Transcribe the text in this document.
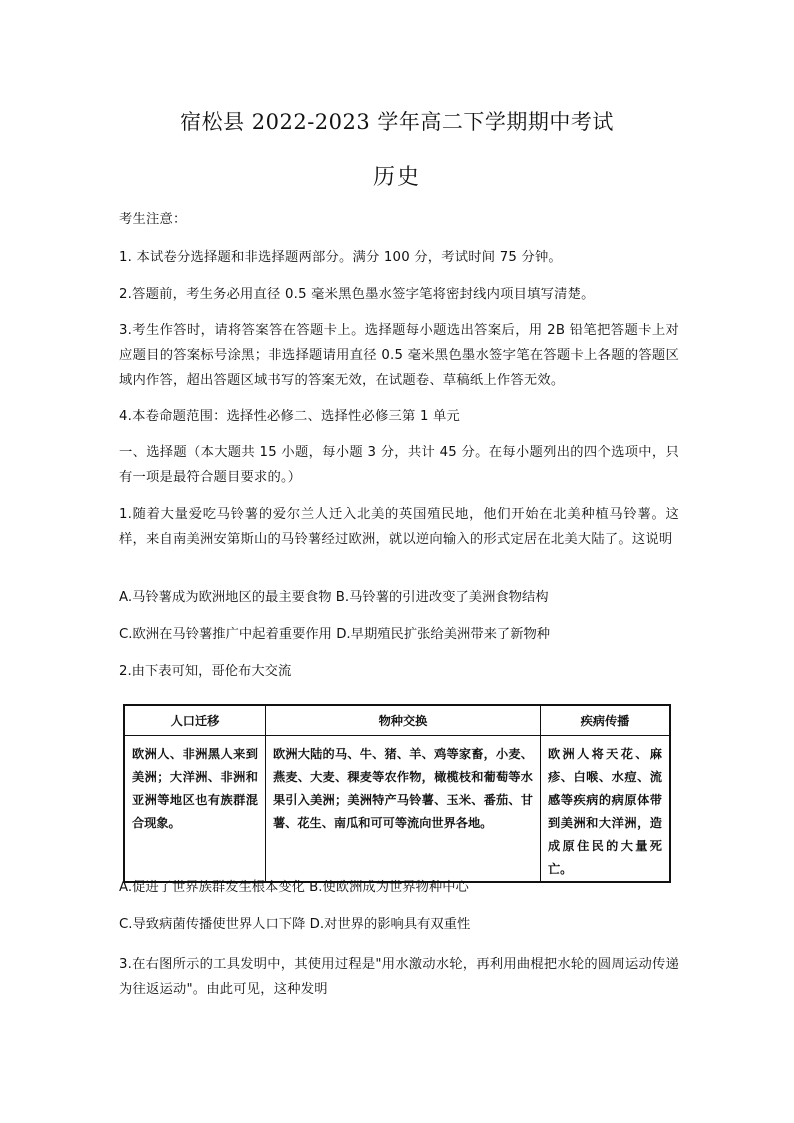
宿松县 2022-2023 学年高二下学期期中考试
历史
考生注意：
1. 本试卷分选择题和非选择题两部分。满分 100 分，考试时间 75 分钟。
2.答题前，考生务必用直径 0.5 毫米黑色墨水签字笔将密封线内项目填写清楚。
3.考生作答时，请将答案答在答题卡上。选择题每小题选出答案后，用 2B 铅笔把答题卡上对应题目的答案标号涂黑；非选择题请用直径 0.5 毫米黑色墨水签字笔在答题卡上各题的答题区域内作答，超出答题区域书写的答案无效，在试题卷、草稿纸上作答无效。
4.本卷命题范围：选择性必修二、选择性必修三第 1 单元
一、选择题（本大题共 15 小题，每小题 3 分，共计 45 分。在每小题列出的四个选项中，只有一项是最符合题目要求的。）
1.随着大量爱吃马铃薯的爱尔兰人迁入北美的英国殖民地，他们开始在北美种植马铃薯。这样，来自南美洲安第斯山的马铃薯经过欧洲，就以逆向输入的形式定居在北美大陆了。这说明
A.马铃薯成为欧洲地区的最主要食物 B.马铃薯的引进改变了美洲食物结构
C.欧洲在马铃薯推广中起着重要作用 D.早期殖民扩张给美洲带来了新物种
2.由下表可知，哥伦布大交流
人口迁移	物种交换	疾病传播
欧洲人、非洲黑人来到美洲；大洋洲、非洲和亚洲等地区也有族群混合现象。	欧洲大陆的马、牛、猪、羊、鸡等家畜，小麦、燕麦、大麦、稞麦等农作物，橄榄枝和葡萄等水果引入美洲；美洲特产马铃薯、玉米、番茄、甘薯、花生、南瓜和可可等流向世界各地。	欧洲人将天花、麻疹、白喉、水痘、流感等疾病的病原体带到美洲和大洋洲，造成原住民的大量死亡。
A.促进了世界族群发生根本变化 B.使欧洲成为世界物种中心
C.导致病菌传播使世界人口下降 D.对世界的影响具有双重性
3.在右图所示的工具发明中，其使用过程是"用水激动水轮，再利用曲棍把水轮的圆周运动传递为往返运动"。由此可见，这种发明
